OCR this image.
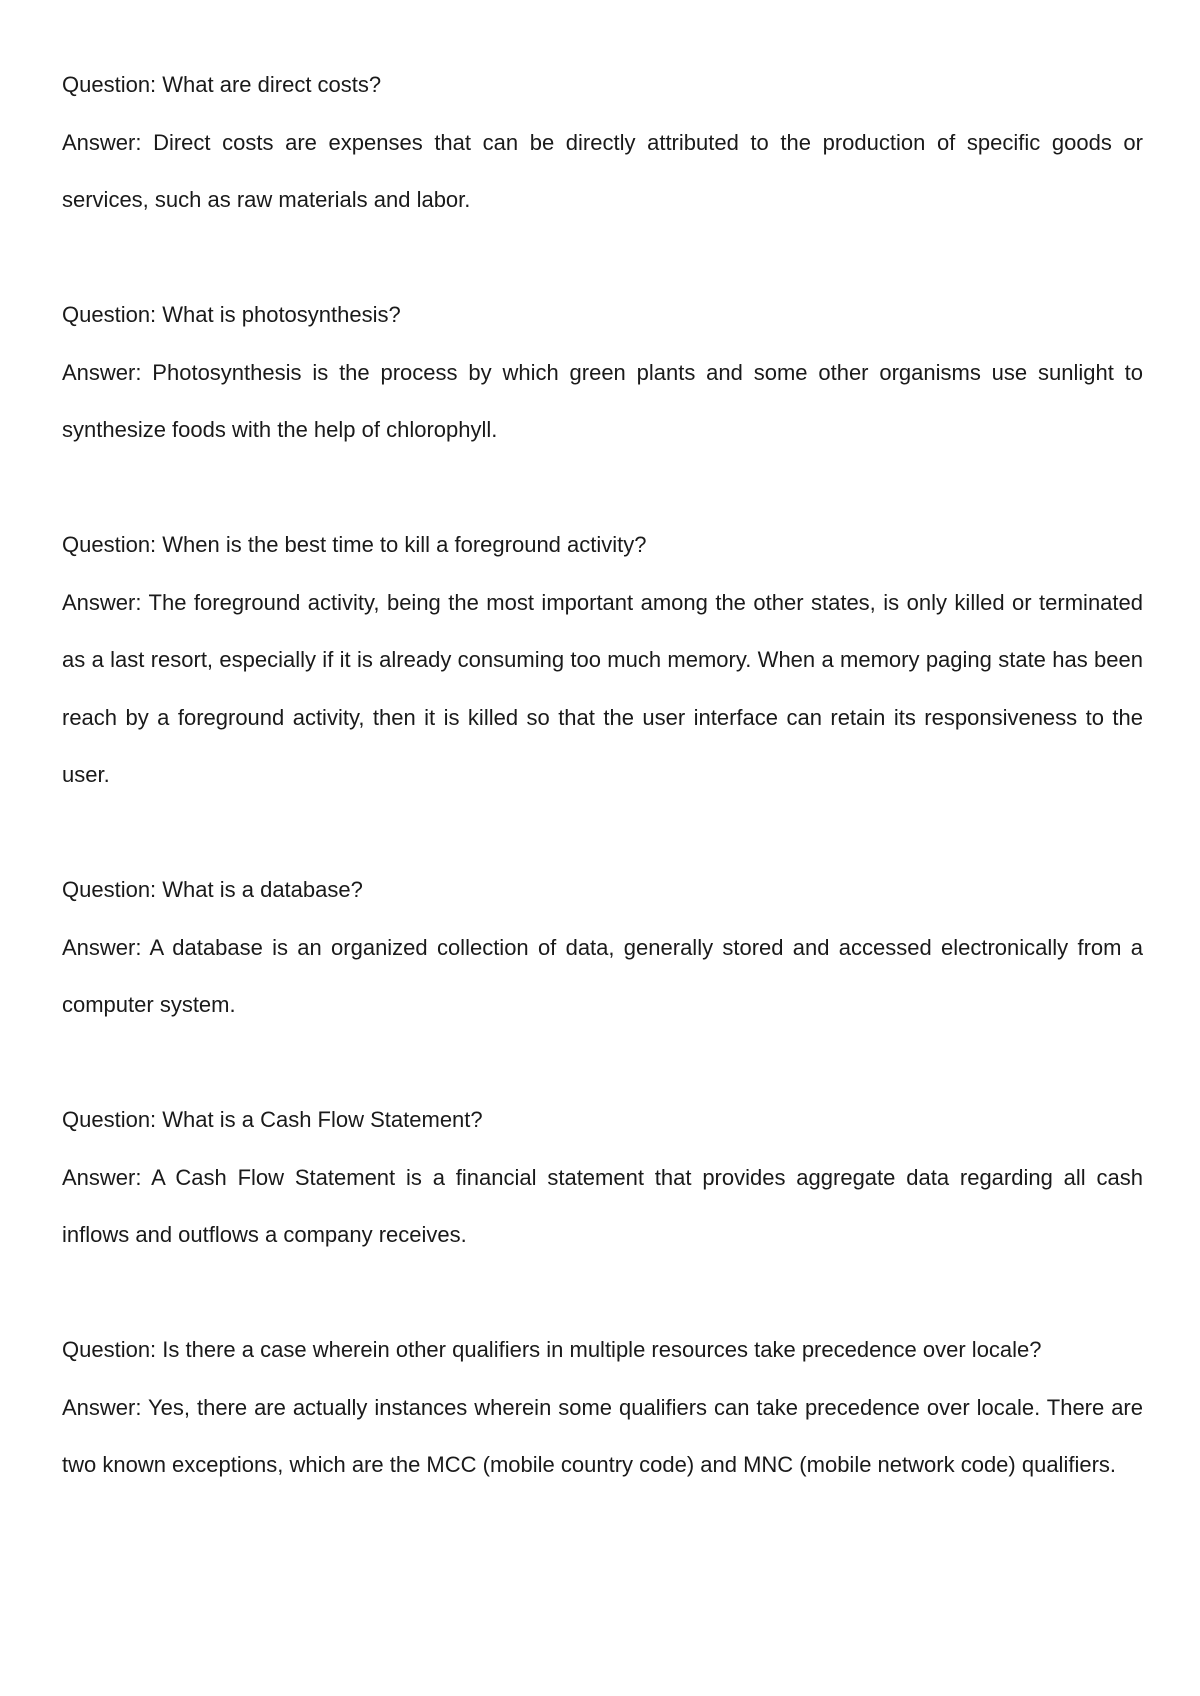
Question: What are direct costs?

Answer: Direct costs are expenses that can be directly attributed to the production of specific goods or services, such as raw materials and labor.

Question: What is photosynthesis?

Answer: Photosynthesis is the process by which green plants and some other organisms use sunlight to synthesize foods with the help of chlorophyll.

Question: When is the best time to kill a foreground activity?

Answer: The foreground activity, being the most important among the other states, is only killed or terminated as a last resort, especially if it is already consuming too much memory. When a memory paging state has been reach by a foreground activity, then it is killed so that the user interface can retain its responsiveness to the user.

Question: What is a database?

Answer: A database is an organized collection of data, generally stored and accessed electronically from a computer system.

Question: What is a Cash Flow Statement?

Answer: A Cash Flow Statement is a financial statement that provides aggregate data regarding all cash inflows and outflows a company receives.

Question: Is there a case wherein other qualifiers in multiple resources take precedence over locale?

Answer: Yes, there are actually instances wherein some qualifiers can take precedence over locale. There are two known exceptions, which are the MCC (mobile country code) and MNC (mobile network code) qualifiers.
